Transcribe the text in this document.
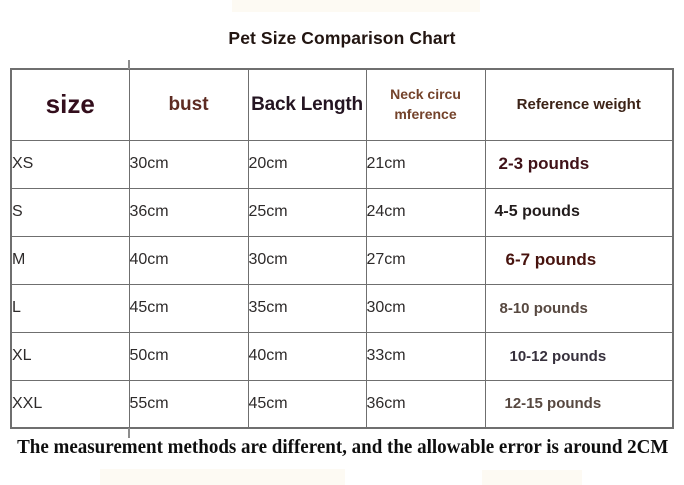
Pet Size Comparison Chart
size	bust	Back Length	Neck circu mference	Reference weight
XS	30cm	20cm	21cm	2-3 pounds
S	36cm	25cm	24cm	4-5 pounds
M	40cm	30cm	27cm	6-7 pounds
L	45cm	35cm	30cm	8-10 pounds
XL	50cm	40cm	33cm	10-12 pounds
XXL	55cm	45cm	36cm	12-15 pounds
The measurement methods are different, and the allowable error is around 2CM
